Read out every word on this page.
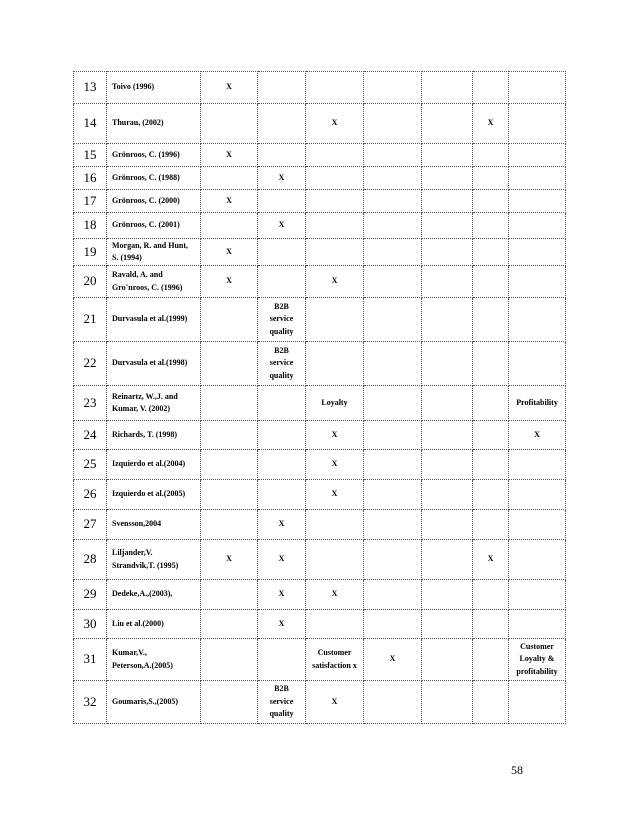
13	Toivo (1996)	X						
14	Thurau, (2002)			X			X	
15	Grönroos, C. (1996)	X						
16	Grönroos, C. (1988)		X					
17	Grönroos, C. (2000)	X						
18	Grönroos, C. (2001)		X					
19	Morgan, R. and Hunt,
S. (1994)	X						
20	Ravald, A. and
Gro¨nroos, C. (1996)	X		X				
21	Durvasula et al.(1999)		B2B
service
quality					
22	Durvasula et al.(1998)		B2B
service
quality					
23	Reinartz, W.,J. and
Kumar, V. (2002)			Loyalty				Profitability
24	Richards, T. (1998)			X				X
25	Izquierdo et al.(2004)			X				
26	Izquierdo et al.(2005)			X				
27	Svensson,2004		X					
28	Liljander,V.
Strandvik,T. (1995)	X	X				X	
29	Dedeke,A.,(2003),		X	X				
30	Liu et al.(2000)		X					
31	Kumar,V.,
Peterson,A.(2005)			Customer
satisfaction x	X			Customer
Loyalty &
profitability
32	Goumaris,S.,(2005)		B2B
service
quality	X				
58
